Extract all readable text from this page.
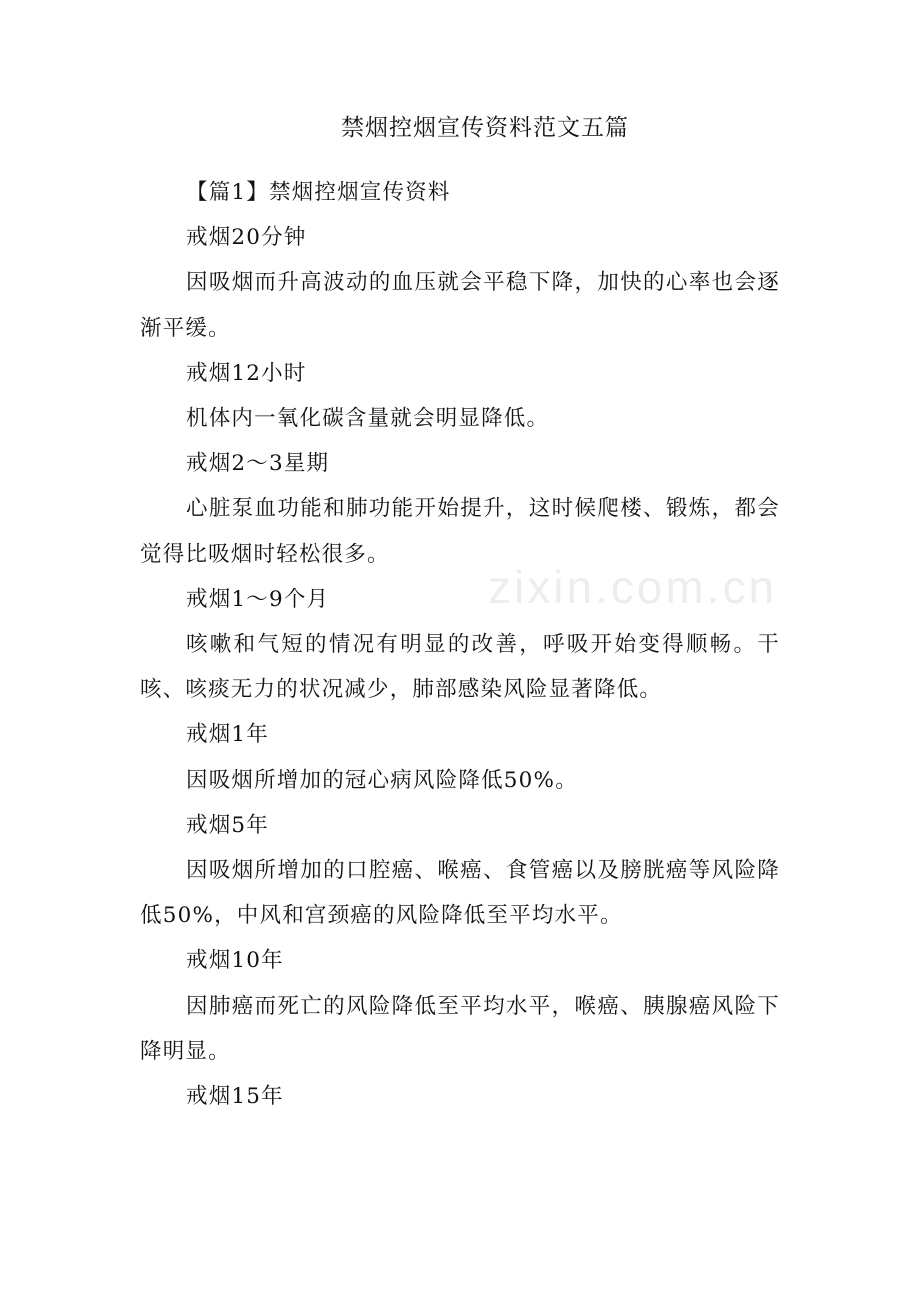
禁烟控烟宣传资料范文五篇

【篇1】禁烟控烟宣传资料

戒烟20分钟

因吸烟而升高波动的血压就会平稳下降，加快的心率也会逐渐平缓。

戒烟12小时

机体内一氧化碳含量就会明显降低。

戒烟2～3星期

心脏泵血功能和肺功能开始提升，这时候爬楼、锻炼，都会觉得比吸烟时轻松很多。

戒烟1～9个月

咳嗽和气短的情况有明显的改善，呼吸开始变得顺畅。干咳、咳痰无力的状况减少，肺部感染风险显著降低。

戒烟1年

因吸烟所增加的冠心病风险降低50%。

戒烟5年

因吸烟所增加的口腔癌、喉癌、食管癌以及膀胱癌等风险降低50%，中风和宫颈癌的风险降低至平均水平。

戒烟10年

因肺癌而死亡的风险降低至平均水平，喉癌、胰腺癌风险下降明显。

戒烟15年

zixin.com.cn
